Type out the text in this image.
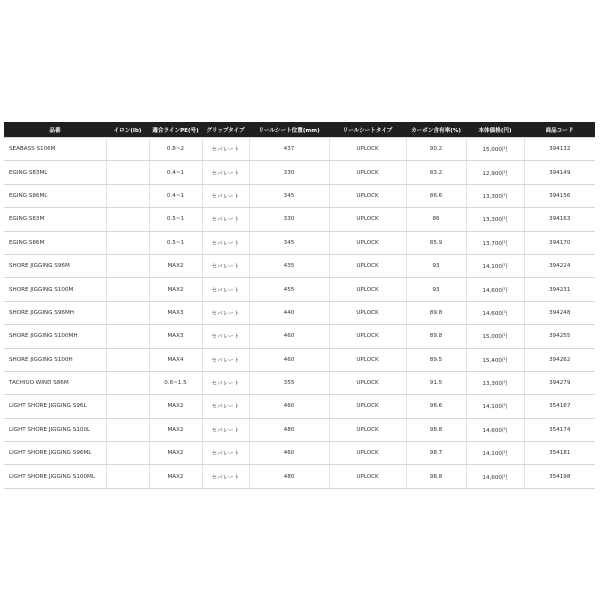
品番	イロン(lb)	適合ラインPE(号)	グリップタイプ	リールシート位置(mm)	リールシートタイプ	カーボン含有率(%)	本体価格(円)	商品コード
SEABASS S106M		0.8~2	セパレート	437	UPLOCK	90.2	15,000円	394132
EGING S83ML		0.4~1	セパレート	330	UPLOCK	83.2	12,900円	394149
EGING S86ML		0.4~1	セパレート	345	UPLOCK	86.6	13,300円	394156
EGING S83M		0.5~1	セパレート	330	UPLOCK	86	13,300円	394163
EGING S86M		0.5~1	セパレート	345	UPLOCK	85.9	13,700円	394170
SHORE JIGGING S96M		MAX2	セパレート	435	UPLOCK	93	14,100円	394224
SHORE JIGGING S100M		MAX2	セパレート	455	UPLOCK	93	14,600円	394231
SHORE JIGGING S96MH		MAX3	セパレート	440	UPLOCK	89.8	14,600円	394248
SHORE JIGGING S100MH		MAX3	セパレート	460	UPLOCK	89.8	15,000円	394255
SHORE JIGGING S100H		MAX4	セパレート	460	UPLOCK	89.5	15,400円	394262
TACHIUO WIND S86M		0.6~1.5	セパレート	355	UPLOCK	91.5	13,300円	394279
LIGHT SHORE JIGGING S96L		MAX2	セパレート	460	UPLOCK	98.6	14,100円	354167
LIGHT SHORE JIGGING S100L		MAX2	セパレート	480	UPLOCK	98.8	14,600円	354174
LIGHT SHORE JIGGING S96ML		MAX2	セパレート	460	UPLOCK	98.7	14,100円	354181
LIGHT SHORE JIGGING S100ML		MAX2	セパレート	480	UPLOCK	98.8	14,600円	354198
